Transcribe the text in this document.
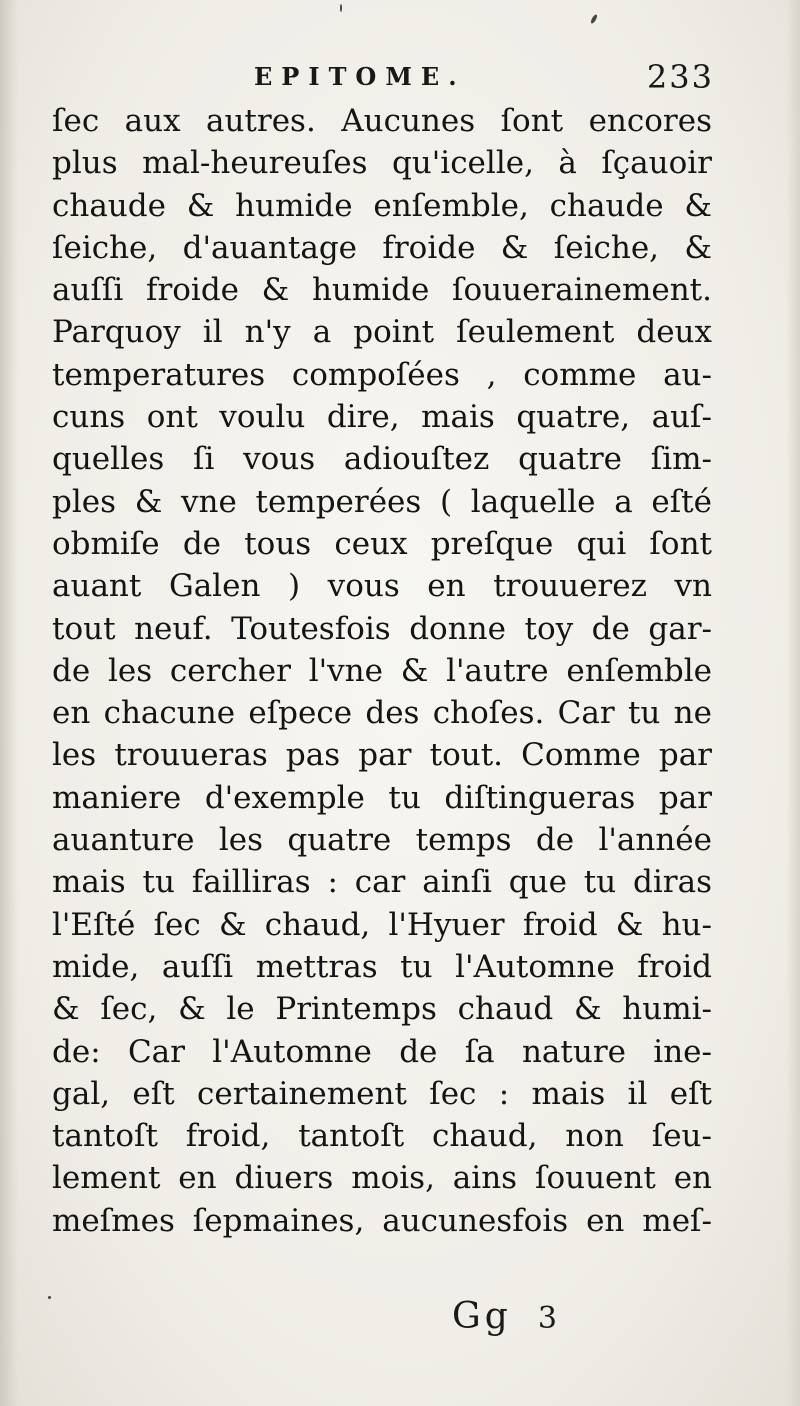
EPITOME.	233
ſec aux autres. Aucunes ſont encores
plus mal-heureuſes qu'icelle, à ſçauoir
chaude & humide enſemble, chaude &
ſeiche, d'auantage froide & ſeiche, &
auſſi froide & humide ſouuerainement.
Parquoy il n'y a point ſeulement deux
temperatures compoſées , comme au-
cuns ont voulu dire, mais quatre, auſ-
quelles ſi vous adiouſtez quatre ſim-
ples & vne temperées ( laquelle a eſté
obmiſe de tous ceux preſque qui ſont
auant Galen ) vous en trouuerez vn
tout neuf. Toutesfois donne toy de gar-
de les cercher l'vne & l'autre enſemble
en chacune eſpece des choſes. Car tu ne
les trouueras pas par tout. Comme par
maniere d'exemple tu diſtingueras par
auanture les quatre temps de l'année
mais tu failliras : car ainſi que tu diras
l'Eſté ſec & chaud, l'Hyuer froid & hu-
mide, auſſi mettras tu l'Automne froid
& ſec, & le Printemps chaud & humi-
de: Car l'Automne de ſa nature ine-
gal, eſt certainement ſec : mais il eſt
tantoſt froid, tantoſt chaud, non ſeu-
lement en diuers mois, ains ſouuent en
meſmes ſepmaines, aucunesfois en meſ-
Gg 3
